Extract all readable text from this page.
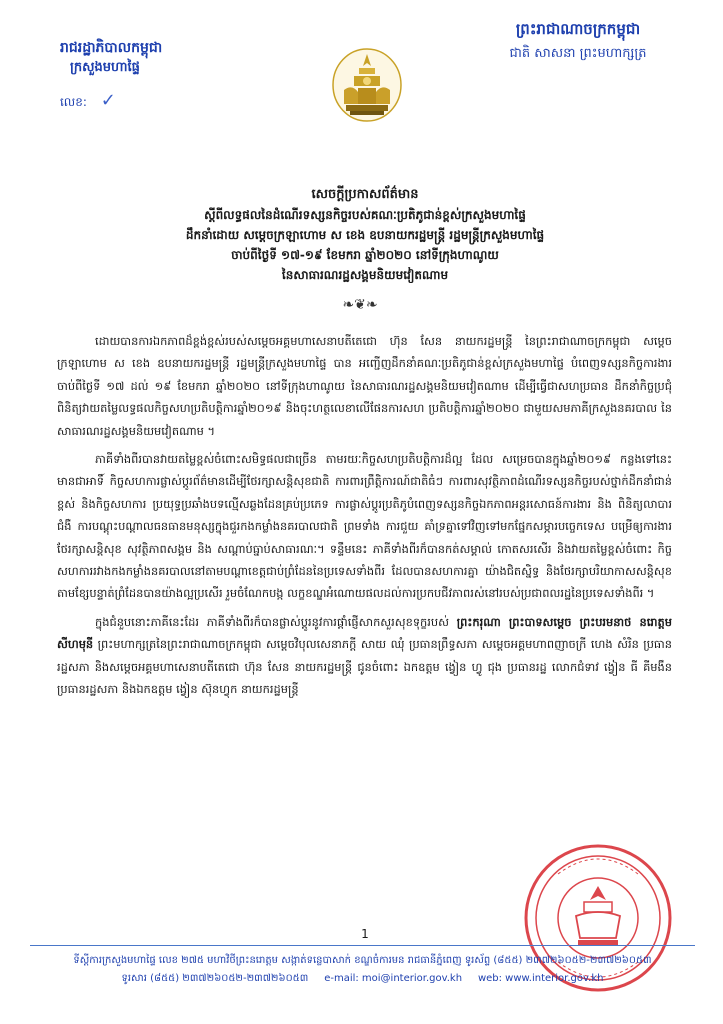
រាជរដ្ឋាភិបាលកម្ពុជា
ក្រសួងមហាផ្ទៃ
លេខ: ✓
ព្រះរាជាណាចក្រកម្ពុជា
ជាតិ សាសនា ព្រះមហាក្សត្រ
សេចក្តីប្រកាសព័ត៌មាន
ស្តីពីលទ្ធផលនៃដំណើរទស្សនកិច្ចរបស់គណៈប្រតិភូជាន់ខ្ពស់ក្រសួងមហាផ្ទៃ
ដឹកនាំដោយ សម្តេចក្រឡាហោម ស ខេង ឧបនាយករដ្ឋមន្ត្រី រដ្ឋមន្ត្រីក្រសួងមហាផ្ទៃ
ចាប់ពីថ្ងៃទី ១៧-១៩ ខែមករា ឆ្នាំ២០២០ នៅទីក្រុងហាណូយ
នៃសាធារណរដ្ឋសង្គមនិយមវៀតណាម
❧❦❧

ដោយបានការឯកភាពដ៏ខ្ពង់ខ្ពស់របស់សម្តេចអគ្គមហាសេនាបតីតេជោ ហ៊ុន សែន នាយករដ្ឋមន្ត្រី នៃព្រះរាជាណាចក្រកម្ពុជា សម្តេចក្រឡាហោម ស ខេង ឧបនាយករដ្ឋមន្ត្រី រដ្ឋមន្ត្រីក្រសួងមហាផ្ទៃ បាន អញ្ជើញដឹកនាំគណៈប្រតិភូជាន់ខ្ពស់ក្រសួងមហាផ្ទៃ បំពេញទស្សនកិច្ចការងារ ចាប់ពីថ្ងៃទី ១៧ ដល់ ១៩ ខែមករា ឆ្នាំ២០២០ នៅទីក្រុងហាណូយ នៃសាធារណរដ្ឋសង្គមនិយមវៀតណាម ដើម្បីធ្វើជាសហប្រធាន ដឹកនាំកិច្ចប្រជុំពិនិត្យវាយតម្លៃលទ្ធផលកិច្ចសហប្រតិបត្តិការឆ្នាំ២០១៩ និងចុះហត្ថលេខាលើផែនការសហ ប្រតិបត្តិការឆ្នាំ២០២០ ជាមួយសមភាគីក្រសួងនគរបាល នៃសាធារណរដ្ឋសង្គមនិយមវៀតណាម ។

ភាគីទាំងពីរបានវាយតម្លៃខ្ពស់ចំពោះសមិទ្ធផលជាច្រើន តាមរយៈកិច្ចសហប្រតិបត្តិការដ៏ល្អ ដែល សម្រេចបានក្នុងឆ្នាំ២០១៩ កន្លងទៅនេះ មានជាអាទិ៍ កិច្ចសហការផ្លាស់ប្តូរព័ត៌មានដើម្បីថែរក្សាសន្តិសុខជាតិ ការពារព្រឹត្តិការណ៍ជាតិធំៗ ការពារសុវត្ថិភាពដំណើរទស្សនកិច្ចរបស់ថ្នាក់ដឹកនាំជាន់ខ្ពស់ និងកិច្ចសហការ ប្រយុទ្ធប្រឆាំងបទល្មើសឆ្លងដែនគ្រប់ប្រភេទ ការផ្លាស់ប្តូរប្រតិភូបំពេញទស្សនកិច្ចឯកភាពអន្តរសោធន៍ការងារ និង ពិនិត្យលាបារជំងឺ ការបណ្តុះបណ្តាលធនធានមនុស្សក្នុងជួរកងកម្លាំងនគរបាលជាតិ ព្រមទាំង ការជួយ គាំទ្រគ្នាទៅវិញទៅមកផ្នែកសម្ភារបច្ចេកទេស បម្រើឲ្យការងារថែរក្សាសន្តិសុខ សុវត្ថិភាពសង្គម និង សណ្តាប់ធ្នាប់សាធារណៈ។ ទន្ទឹមនេះ ភាគីទាំងពីរក៏បានកត់សម្គាល់ កោតសរសើរ និងវាយតម្លៃខ្ពស់ចំពោះ កិច្ចសហការរវាងកងកម្លាំងនគរបាលនៅតាមបណ្តាខេត្តជាប់ព្រំដែននៃប្រទេសទាំងពីរ ដែលបានសហការគ្នា យ៉ាងជិតស្និទ្ធ និងថែរក្សាបរិយាកាសសន្តិសុខតាមខ្សែបន្ទាត់ព្រំដែនបានយ៉ាងល្អប្រសើរ រួមចំណែកបង្ក លក្ខខណ្ឌអំណោយផលដល់ការប្រកបជីវភាពរស់នៅរបស់ប្រជាពលរដ្ឋនៃប្រទេសទាំងពីរ ។

ក្នុងជំនួបនោះភាគីនេះដែរ ភាគីទាំងពីរក៏បានផ្លាស់ប្តូរនូវការផ្តាំផ្ញើសាកសួរសុខទុក្ខរបស់ ព្រះករុណា ព្រះបាទសម្តេច ព្រះបរមនាថ នរោត្តម សីហមុនី ព្រះមហាក្សត្រនៃព្រះរាជាណាចក្រកម្ពុជា សម្តេចវិបុលសេនាភក្តី សាយ ឈុំ ប្រធានព្រឹទ្ធសភា សម្តេចអគ្គមហាពញាចក្រី ហេង សំរិន ប្រធាន រដ្ឋសភា និងសម្តេចអគ្គមហាសេនាបតីតេជោ ហ៊ុន សែន នាយករដ្ឋមន្ត្រី ជូនចំពោះ ឯកឧត្តម ង្វៀន ហ្វូ ជុង ប្រធានរដ្ឋ លោកជំទាវ ង្វៀន ធី គីមងឹន ប្រធានរដ្ឋសភា និងឯកឧត្តម ង្វៀន ស៊ុនហ្វុក នាយករដ្ឋមន្ត្រី

1
ទីស្តីការក្រសួងមហាផ្ទៃ លេខ ២៧៥ មហាវិថីព្រះនរោត្តម សង្កាត់ទន្លេបាសាក់ ខណ្ឌចំការមន រាជធានីភ្នំពេញ ទូរស័ព្ទ (៨៥៥) ២៣៧២៦០៥២-២៣៧២៦០៥៣
ទូរសារ (៨៥៥) ២៣៧២៦០៥២-២៣៧២៦០៥៣ e-mail: moi@interior.gov.kh web: www.interior.gov.kh
